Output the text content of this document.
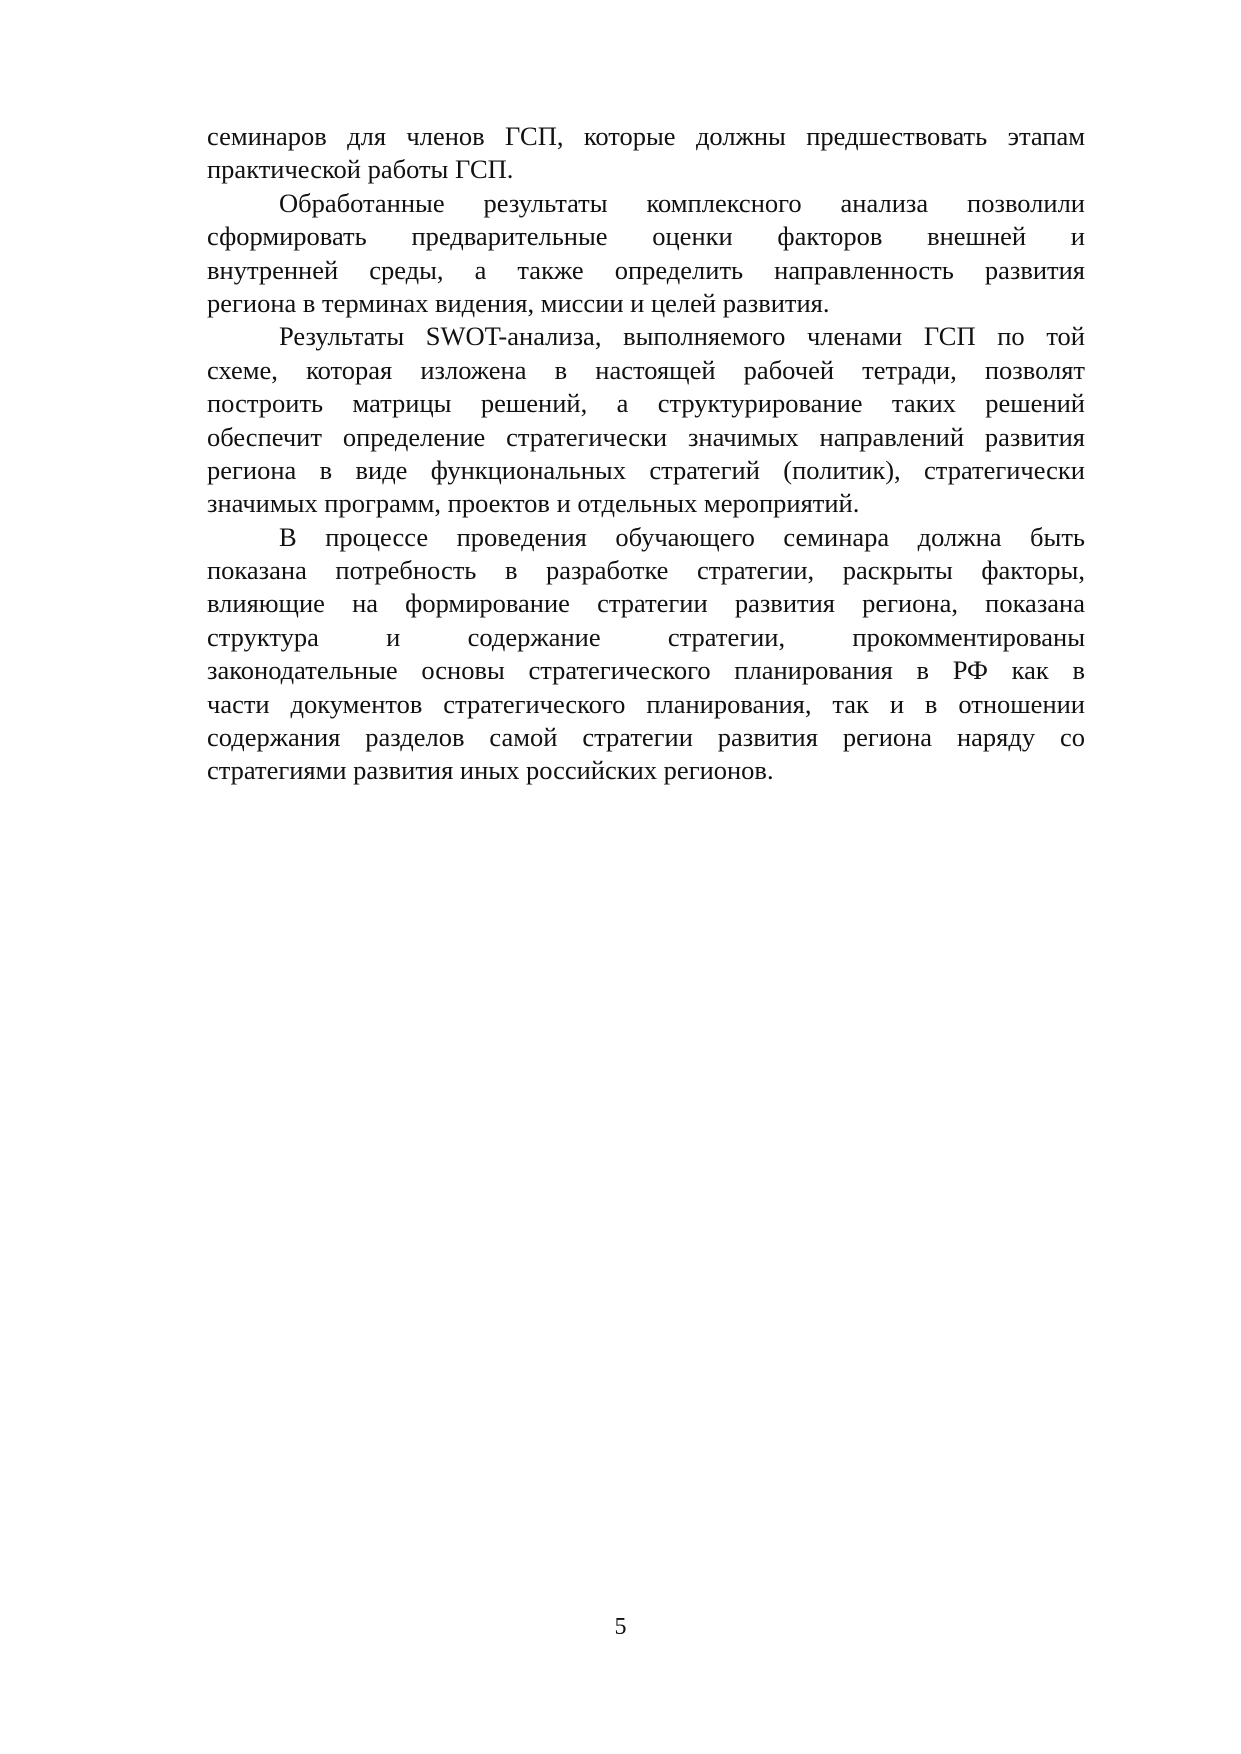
семинаров для членов ГСП, которые должны предшествовать этапам
практической работы ГСП.
Обработанные результаты комплексного анализа позволили
сформировать предварительные оценки факторов внешней и
внутренней среды, а также определить направленность развития
региона в терминах видения, миссии и целей развития.
Результаты SWOT-анализа, выполняемого членами ГСП по той
схеме, которая изложена в настоящей рабочей тетради, позволят
построить матрицы решений, а структурирование таких решений
обеспечит определение стратегически значимых направлений развития
региона в виде функциональных стратегий (политик), стратегически
значимых программ, проектов и отдельных мероприятий.
В процессе проведения обучающего семинара должна быть
показана потребность в разработке стратегии, раскрыты факторы,
влияющие на формирование стратегии развития региона, показана
структура и содержание стратегии, прокомментированы
законодательные основы стратегического планирования в РФ как в
части документов стратегического планирования, так и в отношении
содержания разделов самой стратегии развития региона наряду со
стратегиями развития иных российских регионов.
5
